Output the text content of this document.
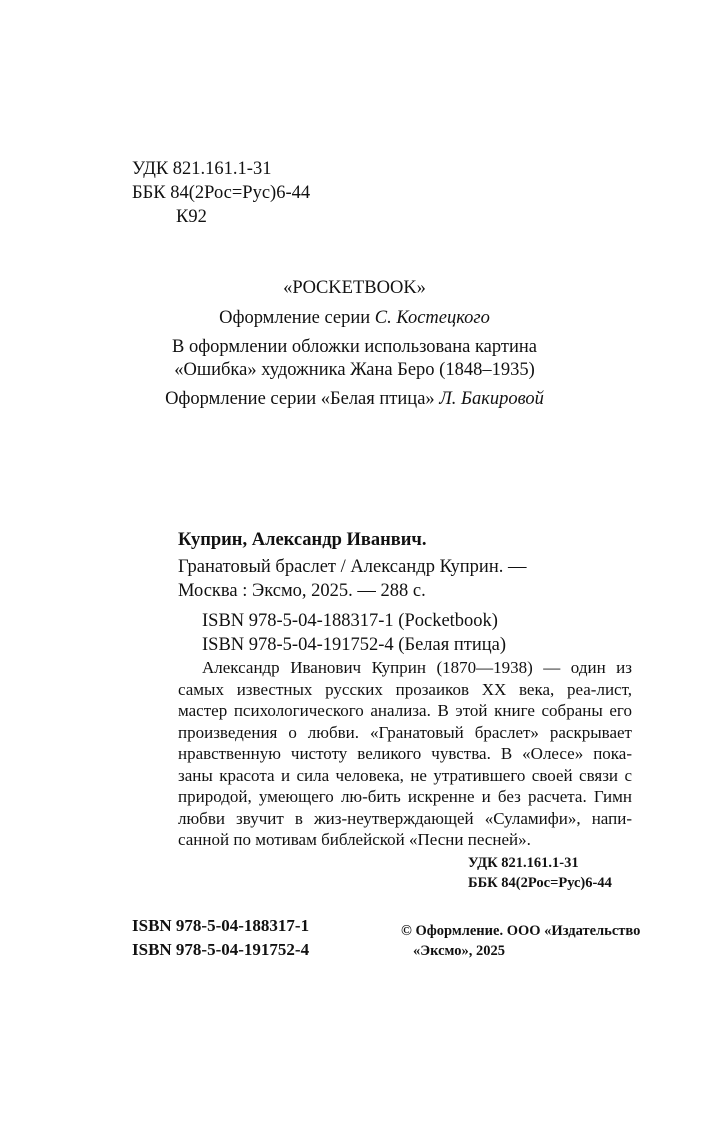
УДК 821.161.1-31
ББК 84(2Рос=Рус)6-44
К92
«POCKETBOOK»
Оформление серии С. Костецкого
В оформлении обложки использована картина
«Ошибка» художника Жана Беро (1848–1935)
Оформление серии «Белая птица» Л. Бакировой
Куприн, Александр Иванвич.
Гранатовый браслет / Александр Куприн. —
Москва : Эксмо, 2025. — 288 с.
ISBN 978-5-04-188317-1 (Pocketbook)
ISBN 978-5-04-191752-4 (Белая птица)
Александр Иванович Куприн (1870—1938) — один из
самых известных русских прозаиков XX века, реа-лист,
мастер психологического анализа. В этой книге собраны его
произведения о любви. «Гранатовый браслет» раскрывает
нравственную чистоту великого чувства. В «Олесе» пока-
заны красота и сила человека, не утратившего своей связи с
природой, умеющего лю-бить искренне и без расчета. Гимн
любви звучит в жиз-неутверждающей «Суламифи», напи-
санной по мотивам библейской «Песни песней».
УДК 821.161.1-31
ББК 84(2Рос=Рус)6-44
ISBN 978-5-04-188317-1
ISBN 978-5-04-191752-4
© Оформление. ООО «Издательство
«Эксмо», 2025
